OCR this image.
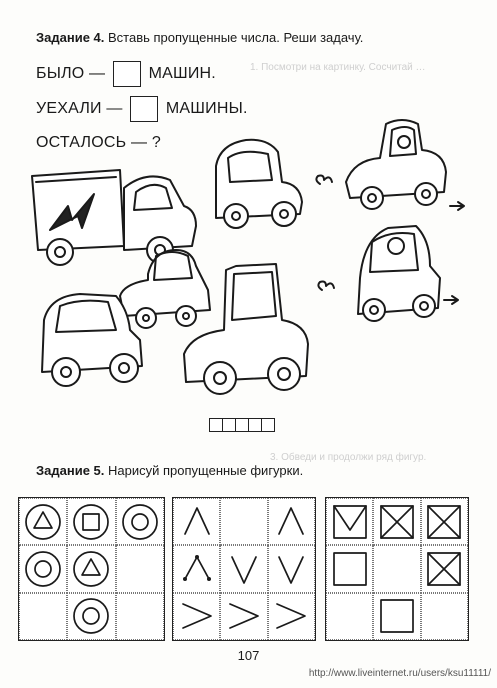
1. Посмотри на картинку. Сосчитай …
3. Обведи и продолжи ряд фигур.
Задание 4. Вставь пропущенные числа. Реши задачу.
БЫЛО —	МАШИН.
УЕХАЛИ —	МАШИНЫ.
ОСТАЛОСЬ — ?
Задание 5. Нарисуй пропущенные фигурки.
107
http://www.liveinternet.ru/users/ksu11111/
